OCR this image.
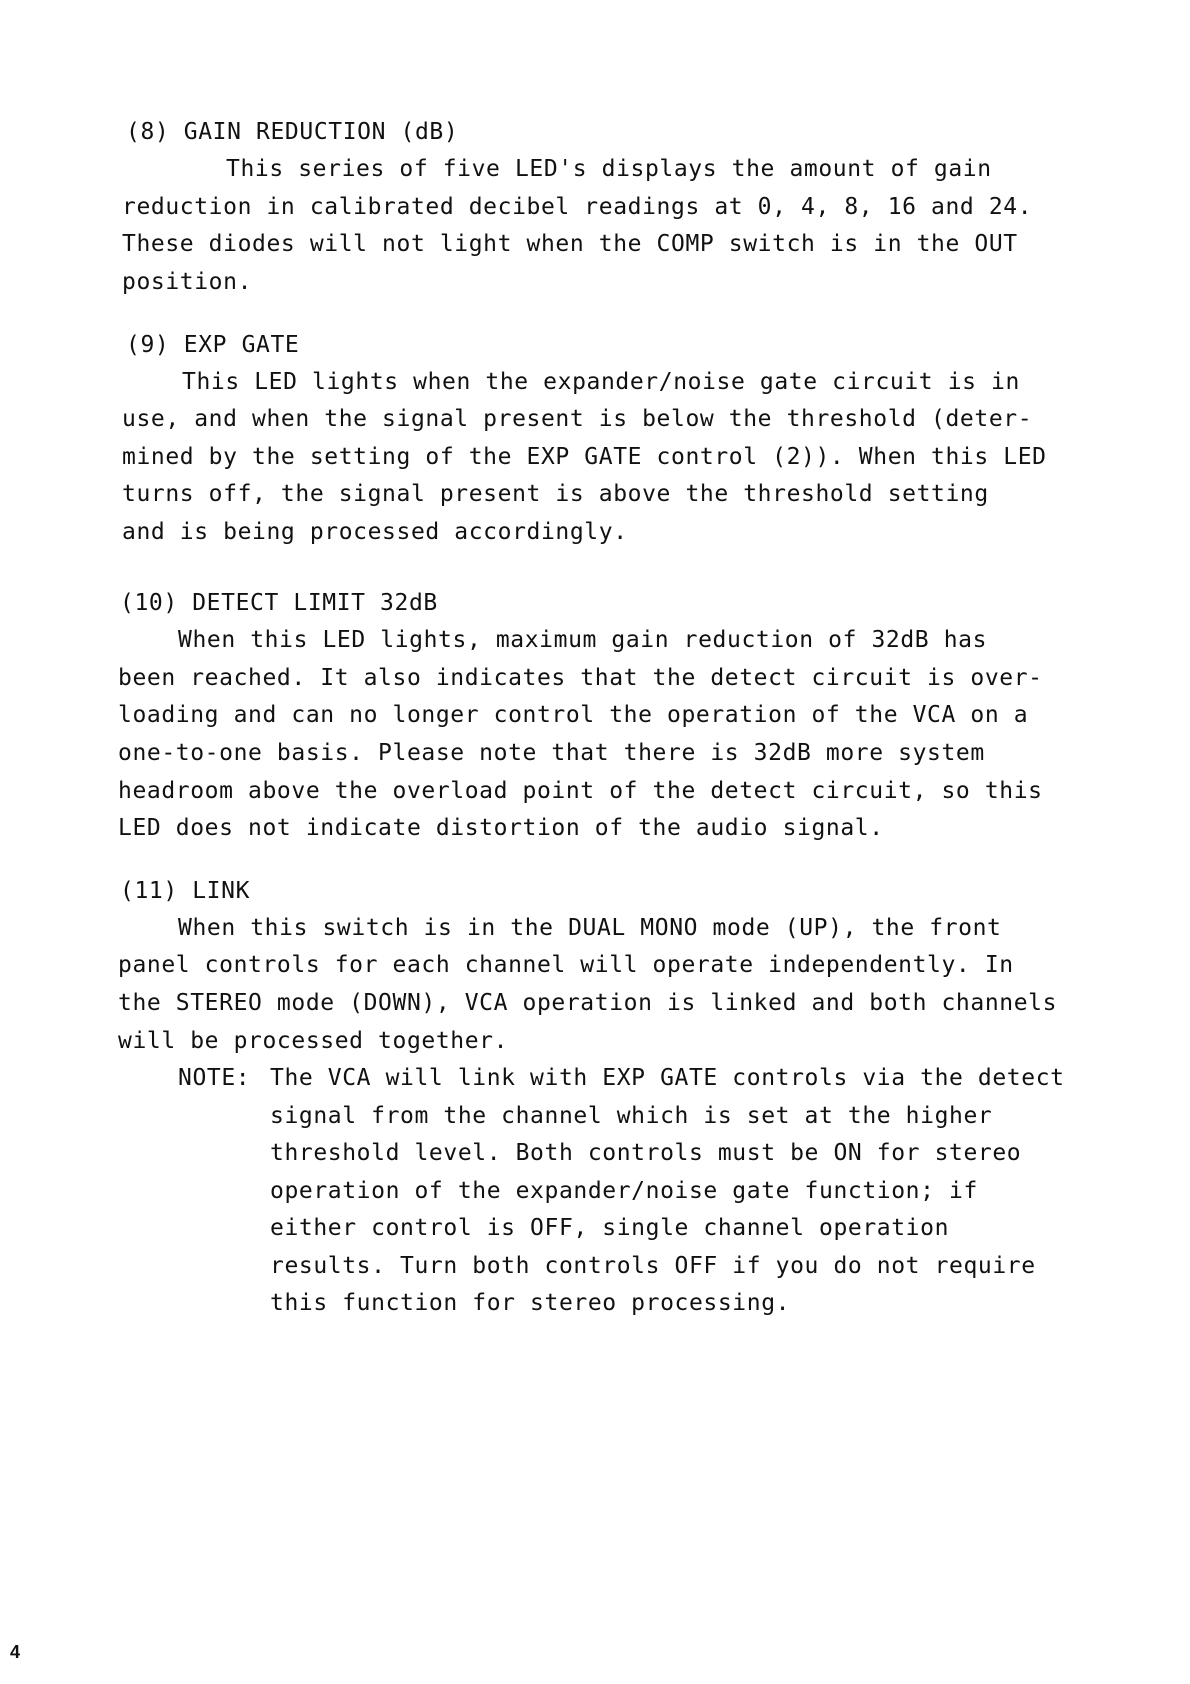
(8) GAIN REDUCTION (dB)
This series of five LED's displays the amount of gain
reduction in calibrated decibel readings at 0, 4, 8, 16 and 24.
These diodes will not light when the COMP switch is in the OUT
position.
(9) EXP GATE
This LED lights when the expander/noise gate circuit is in
use, and when the signal present is below the threshold (deter-
mined by the setting of the EXP GATE control (2)). When this LED
turns off, the signal present is above the threshold setting
and is being processed accordingly.
(10) DETECT LIMIT 32dB
When this LED lights, maximum gain reduction of 32dB has
been reached. It also indicates that the detect circuit is over-
loading and can no longer control the operation of the VCA on a
one-to-one basis. Please note that there is 32dB more system
headroom above the overload point of the detect circuit, so this
LED does not indicate distortion of the audio signal.
(11) LINK
When this switch is in the DUAL MONO mode (UP), the front
panel controls for each channel will operate independently. In
the STEREO mode (DOWN), VCA operation is linked and both channels
will be processed together.
NOTE: The VCA will link with EXP GATE controls via the detect
signal from the channel which is set at the higher
threshold level. Both controls must be ON for stereo
operation of the expander/noise gate function; if
either control is OFF, single channel operation
results. Turn both controls OFF if you do not require
this function for stereo processing.
4
